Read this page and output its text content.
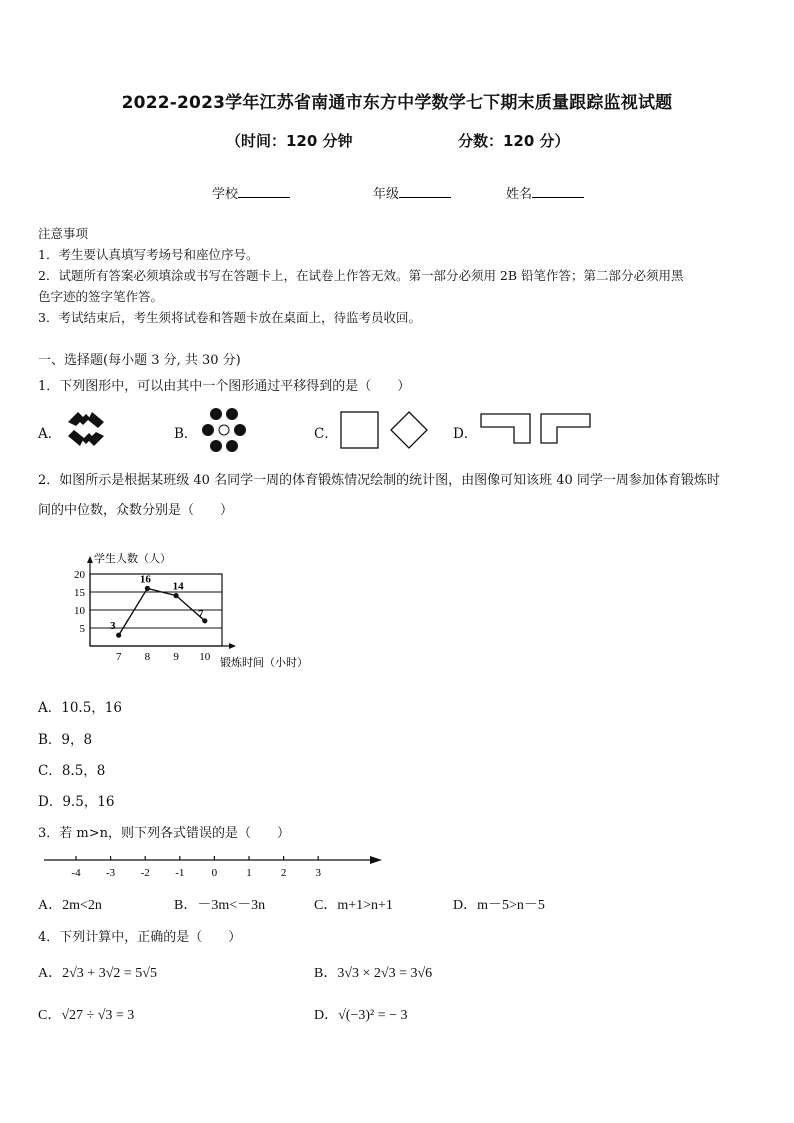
2022-2023学年江苏省南通市东方中学数学七下期末质量跟踪监视试题
（时间：120 分钟	分数：120 分）
学校	年级	姓名
注意事项
1．考生要认真填写考场号和座位序号。
2．试题所有答案必须填涂或书写在答题卡上，在试卷上作答无效。第一部分必须用 2B 铅笔作答；第二部分必须用黑
色字迹的签字笔作答。
3．考试结束后，考生须将试卷和答题卡放在桌面上，待监考员收回。
一、选择题(每小题 3 分, 共 30 分)
1．下列图形中，可以由其中一个图形通过平移得到的是（　　）
A．	B．	C．	D．
2．如图所示是根据某班级 40 名同学一周的体育锻炼情况绘制的统计图，由图像可知该班 40 同学一周参加体育锻炼时
间的中位数，众数分别是（　　）
学生人数（人）
锻炼时间（小时）
5
10
15
20
7 8 9 10
3
16
14
7
A．10.5，16
B．9，8
C．8.5，8
D．9.5，16
3．若 m>n，则下列各式错误的是（　　）
-4 -3 -2 -1 0	1	2	3
A．2m<2n	B．－3m<－3n	C．m+1>n+1	D．m－5>n－5
4．下列计算中，正确的是（　　）
A．2√3 + 3√2 = 5√5	B．3√3 × 2√3 = 3√6
C．√27 ÷ √3 = 3	D．√(−3)² = − 3
